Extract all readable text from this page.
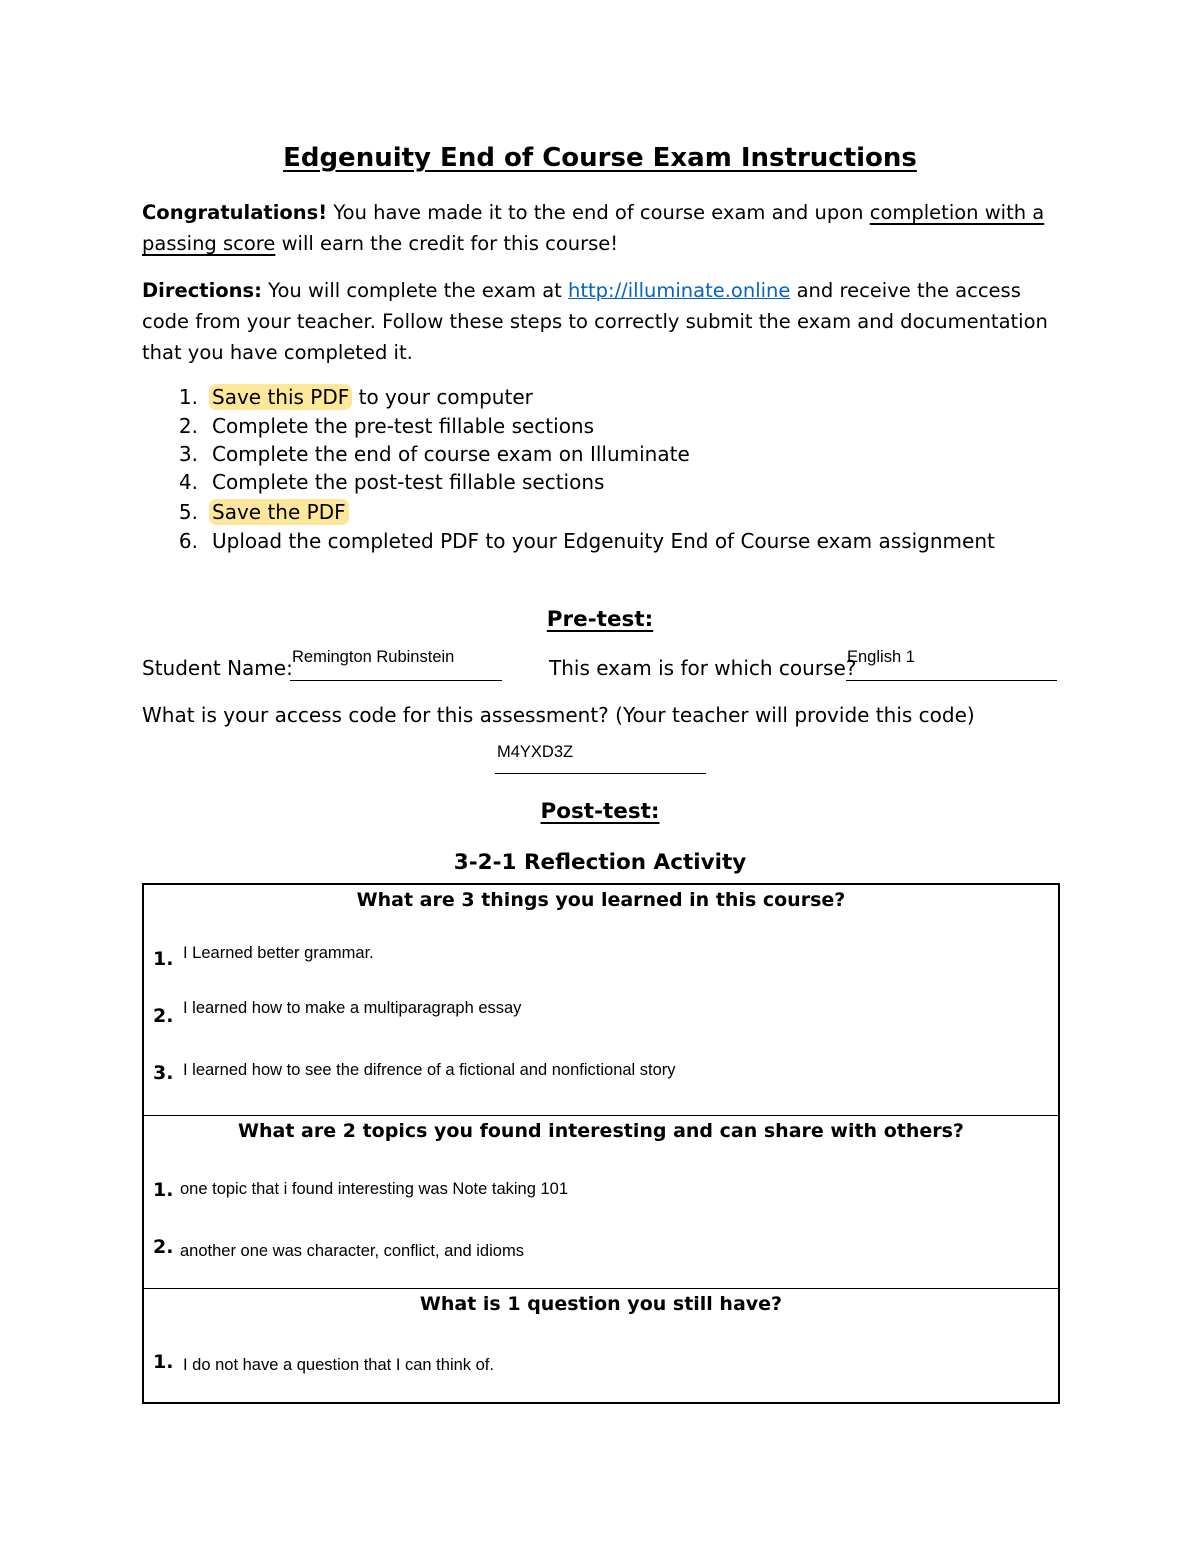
Edgenuity End of Course Exam Instructions
Congratulations! You have made it to the end of course exam and upon completion with a
passing score will earn the credit for this course!
Directions: You will complete the exam at http://illuminate.online and receive the access
code from your teacher. Follow these steps to correctly submit the exam and documentation
that you have completed it.
1. Save this PDF to your computer
2. Complete the pre-test fillable sections
3. Complete the end of course exam on Illuminate
4. Complete the post-test fillable sections
5. Save the PDF
6. Upload the completed PDF to your Edgenuity End of Course exam assignment
Pre-test:
Student Name: Remington Rubinstein	This exam is for which course?
English 1
What is your access code for this assessment? (Your teacher will provide this code)
M4YXD3Z
Post-test:
3-2-1 Reflection Activity
What are 3 things you learned in this course?
1. I Learned better grammar.
2. I learned how to make a multiparagraph essay
3. I learned how to see the difrence of a fictional and nonfictional story
What are 2 topics you found interesting and can share with others?
1. one topic that i found interesting was Note taking 101
2. another one was character, conflict, and idioms
What is 1 question you still have?
1. I do not have a question that I can think of.
